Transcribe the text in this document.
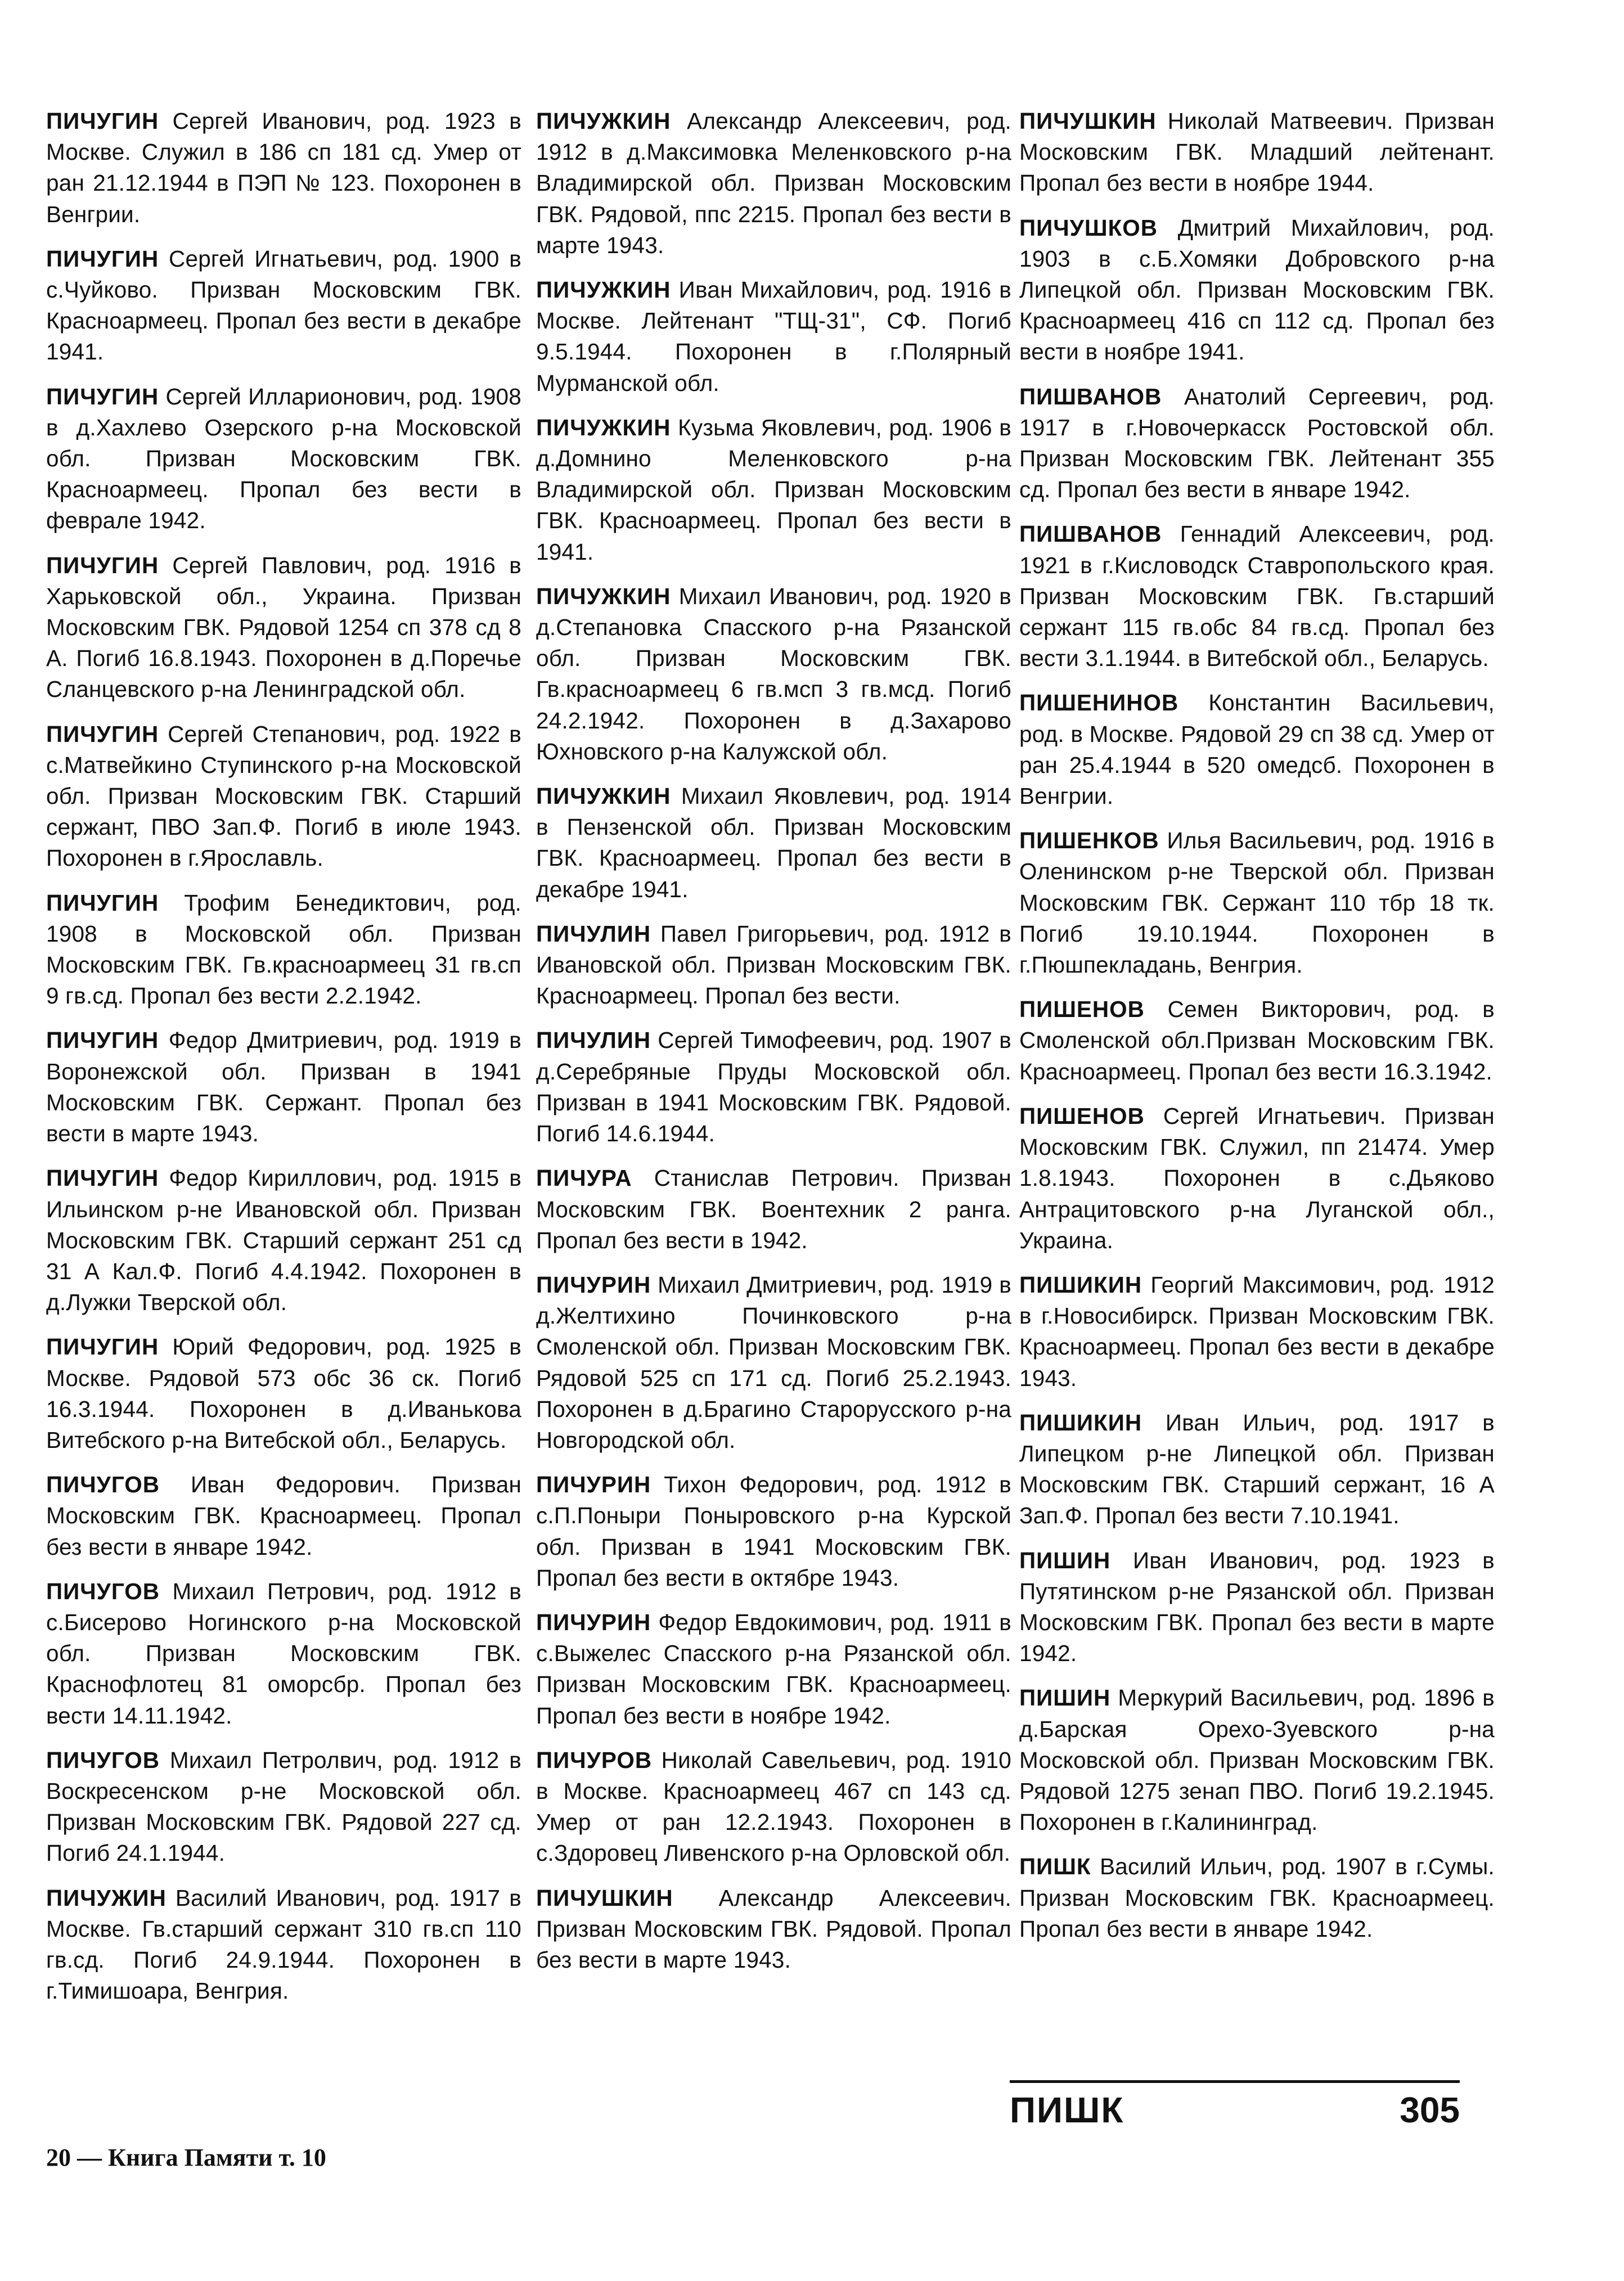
ПИЧУГИН Сергей Иванович, род. 1923 в Москве. Служил в 186 сп 181 сд. Умер от ран 21.12.1944 в ПЭП № 123. Похоронен в Венгрии.

ПИЧУГИН Сергей Игнатьевич, род. 1900 в с.Чуйково. Призван Московским ГВК. Красноармеец. Пропал без вести в декабре 1941.

ПИЧУГИН Сергей Илларионович, род. 1908 в д.Хахлево Озерского р-на Московской обл. Призван Московским ГВК. Красноармеец. Пропал без вести в феврале 1942.

ПИЧУГИН Сергей Павлович, род. 1916 в Харьковской обл., Украина. Призван Московским ГВК. Рядовой 1254 сп 378 сд 8 А. Погиб 16.8.1943. Похоронен в д.Поречье Сланцевского р-на Ленинградской обл.

ПИЧУГИН Сергей Степанович, род. 1922 в с.Матвейкино Ступинского р-на Московской обл. Призван Московским ГВК. Старший сержант, ПВО Зап.Ф. Погиб в июле 1943. Похоронен в г.Ярославль.

ПИЧУГИН Трофим Бенедиктович, род. 1908 в Московской обл. Призван Московским ГВК. Гв.красноармеец 31 гв.сп 9 гв.сд. Пропал без вести 2.2.1942.

ПИЧУГИН Федор Дмитриевич, род. 1919 в Воронежской обл. Призван в 1941 Московским ГВК. Сержант. Пропал без вести в марте 1943.

ПИЧУГИН Федор Кириллович, род. 1915 в Ильинском р-не Ивановской обл. Призван Московским ГВК. Старший сержант 251 сд 31 А Кал.Ф. Погиб 4.4.1942. Похоронен в д.Лужки Тверской обл.

ПИЧУГИН Юрий Федорович, род. 1925 в Москве. Рядовой 573 обс 36 ск. Погиб 16.3.1944. Похоронен в д.Иванькова Витебского р-на Витебской обл., Беларусь.

ПИЧУГОВ Иван Федорович. Призван Московским ГВК. Красноармеец. Пропал без вести в январе 1942.

ПИЧУГОВ Михаил Петрович, род. 1912 в с.Бисерово Ногинского р-на Московской обл. Призван Московским ГВК. Краснофлотец 81 оморсбр. Пропал без вести 14.11.1942.

ПИЧУГОВ Михаил Петролвич, род. 1912 в Воскресенском р-не Московской обл. Призван Московским ГВК. Рядовой 227 сд. Погиб 24.1.1944.

ПИЧУЖИН Василий Иванович, род. 1917 в Москве. Гв.старший сержант 310 гв.сп 110 гв.сд. Погиб 24.9.1944. Похоронен в г.Тимишоара, Венгрия.

ПИЧУЖКИН Александр Алексеевич, род. 1912 в д.Максимовка Меленковского р-на Владимирской обл. Призван Московским ГВК. Рядовой, ппс 2215. Пропал без вести в марте 1943.

ПИЧУЖКИН Иван Михайлович, род. 1916 в Москве. Лейтенант "ТЩ-31", СФ. Погиб 9.5.1944. Похоронен в г.Полярный Мурманской обл.

ПИЧУЖКИН Кузьма Яковлевич, род. 1906 в д.Домнино Меленковского р-на Владимирской обл. Призван Московским ГВК. Красноармеец. Пропал без вести в 1941.

ПИЧУЖКИН Михаил Иванович, род. 1920 в д.Степановка Спасского р-на Рязанской обл. Призван Московским ГВК. Гв.красноармеец 6 гв.мсп 3 гв.мсд. Погиб 24.2.1942. Похоронен в д.Захарово Юхновского р-на Калужской обл.

ПИЧУЖКИН Михаил Яковлевич, род. 1914 в Пензенской обл. Призван Московским ГВК. Красноармеец. Пропал без вести в декабре 1941.

ПИЧУЛИН Павел Григорьевич, род. 1912 в Ивановской обл. Призван Московским ГВК. Красноармеец. Пропал без вести.

ПИЧУЛИН Сергей Тимофеевич, род. 1907 в д.Серебряные Пруды Московской обл. Призван в 1941 Московским ГВК. Рядовой. Погиб 14.6.1944.

ПИЧУРА Станислав Петрович. Призван Московским ГВК. Воентехник 2 ранга. Пропал без вести в 1942.

ПИЧУРИН Михаил Дмитриевич, род. 1919 в д.Желтихино Починковского р-на Смоленской обл. Призван Московским ГВК. Рядовой 525 сп 171 сд. Погиб 25.2.1943. Похоронен в д.Брагино Старорусского р-на Новгородской обл.

ПИЧУРИН Тихон Федорович, род. 1912 в с.П.Поныри Поныровского р-на Курской обл. Призван в 1941 Московским ГВК. Пропал без вести в октябре 1943.

ПИЧУРИН Федор Евдокимович, род. 1911 в с.Выжелес Спасского р-на Рязанской обл. Призван Московским ГВК. Красноармеец. Пропал без вести в ноябре 1942.

ПИЧУРОВ Николай Савельевич, род. 1910 в Москве. Красноармеец 467 сп 143 сд. Умер от ран 12.2.1943. Похоронен в с.Здоровец Ливенского р-на Орловской обл.

ПИЧУШКИН Александр Алексеевич. Призван Московским ГВК. Рядовой. Пропал без вести в марте 1943.

ПИЧУШКИН Николай Матвеевич. Призван Московским ГВК. Младший лейтенант. Пропал без вести в ноябре 1944.

ПИЧУШКОВ Дмитрий Михайлович, род. 1903 в с.Б.Хомяки Добровского р-на Липецкой обл. Призван Московским ГВК. Красноармеец 416 сп 112 сд. Пропал без вести в ноябре 1941.

ПИШВАНОВ Анатолий Сергеевич, род. 1917 в г.Новочеркасск Ростовской обл. Призван Московским ГВК. Лейтенант 355 сд. Пропал без вести в январе 1942.

ПИШВАНОВ Геннадий Алексеевич, род. 1921 в г.Кисловодск Ставропольского края. Призван Московским ГВК. Гв.старший сержант 115 гв.обс 84 гв.сд. Пропал без вести 3.1.1944. в Витебской обл., Беларусь.

ПИШЕНИНОВ Константин Васильевич, род. в Москве. Рядовой 29 сп 38 сд. Умер от ран 25.4.1944 в 520 омедсб. Похоронен в Венгрии.

ПИШЕНКОВ Илья Васильевич, род. 1916 в Оленинском р-не Тверской обл. Призван Московским ГВК. Сержант 110 тбр 18 тк. Погиб 19.10.1944. Похоронен в г.Пюшпекладань, Венгрия.

ПИШЕНОВ Семен Викторович, род. в Смоленской обл.Призван Московским ГВК. Красноармеец. Пропал без вести 16.3.1942.

ПИШЕНОВ Сергей Игнатьевич. Призван Московским ГВК. Служил, пп 21474. Умер 1.8.1943. Похоронен в с.Дьяково Антрацитовского р-на Луганской обл., Украина.

ПИШИКИН Георгий Максимович, род. 1912 в г.Новосибирск. Призван Московским ГВК. Красноармеец. Пропал без вести в декабре 1943.

ПИШИКИН Иван Ильич, род. 1917 в Липецком р-не Липецкой обл. Призван Московским ГВК. Старший сержант, 16 А Зап.Ф. Пропал без вести 7.10.1941.

ПИШИН Иван Иванович, род. 1923 в Путятинском р-не Рязанской обл. Призван Московским ГВК. Пропал без вести в марте 1942.

ПИШИН Меркурий Васильевич, род. 1896 в д.Барская Орехо-Зуевского р-на Московской обл. Призван Московским ГВК. Рядовой 1275 зенап ПВО. Погиб 19.2.1945. Похоронен в г.Калининград.

ПИШК Василий Ильич, род. 1907 в г.Сумы. Призван Московским ГВК. Красноармеец. Пропал без вести в январе 1942.

ПИШК	305
20 — Книга Памяти т. 10
